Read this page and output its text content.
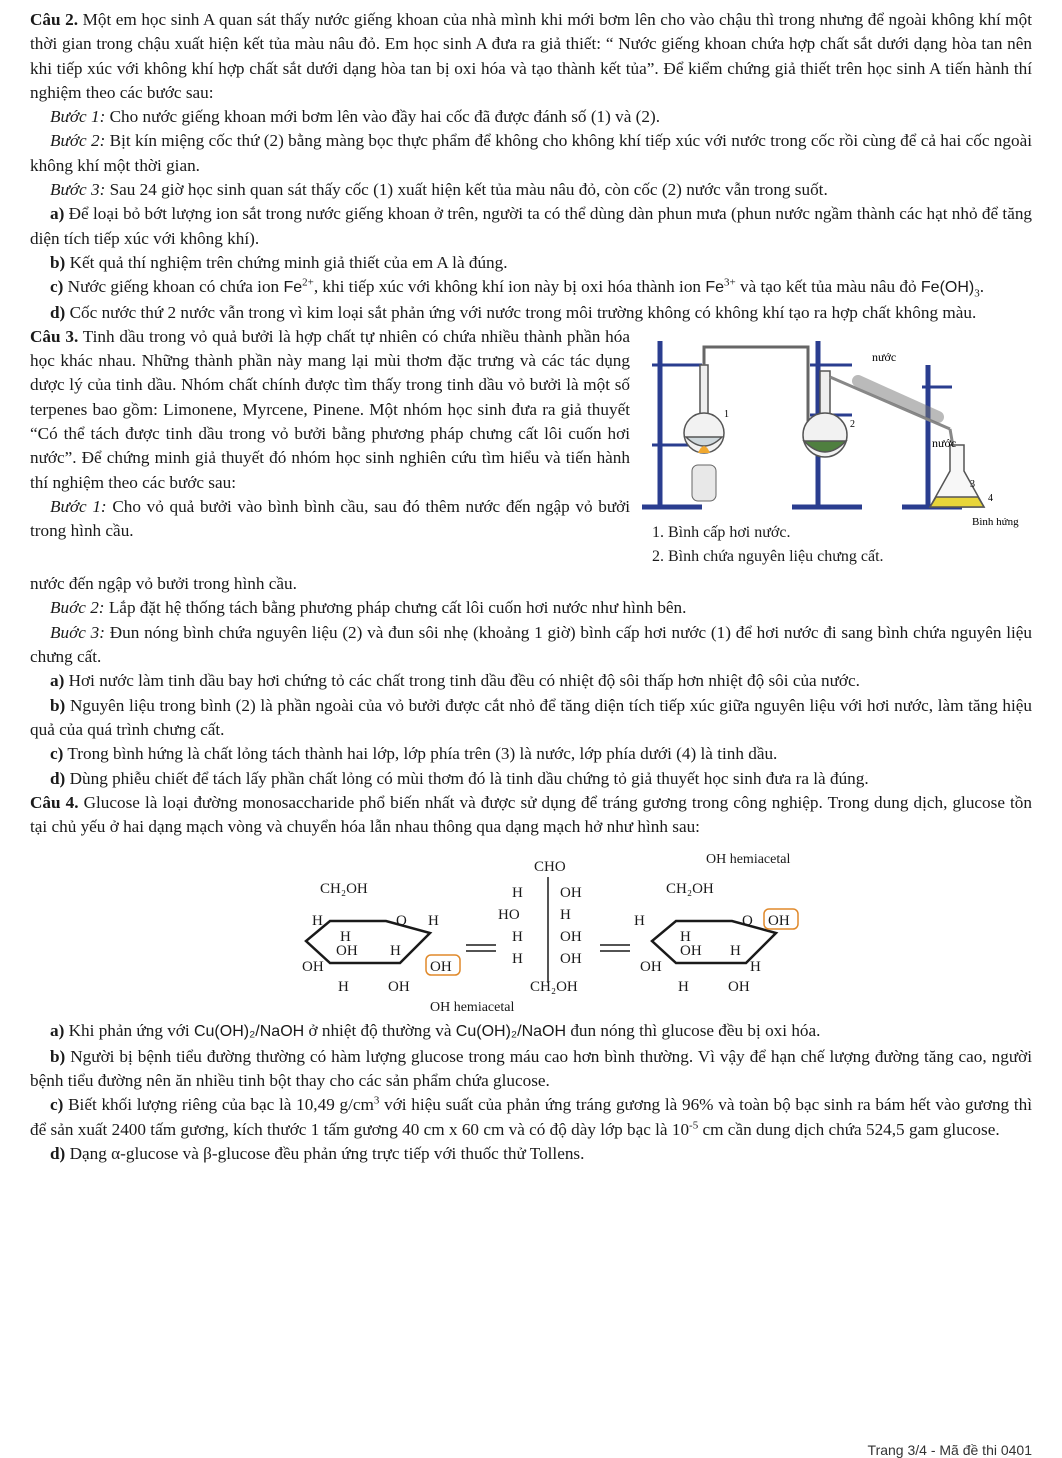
Câu 2. Một em học sinh A quan sát thấy nước giếng khoan của nhà mình khi mới bơm lên cho vào chậu thì trong nhưng để ngoài không khí một thời gian trong chậu xuất hiện kết tủa màu nâu đỏ. Em học sinh A đưa ra giả thiết: “ Nước giếng khoan chứa hợp chất sắt dưới dạng hòa tan nên khi tiếp xúc với không khí hợp chất sắt dưới dạng hòa tan bị oxi hóa và tạo thành kết tủa”. Để kiểm chứng giả thiết trên học sinh A tiến hành thí nghiệm theo các bước sau:

Bước 1: Cho nước giếng khoan mới bơm lên vào đầy hai cốc đã được đánh số (1) và (2).

Bước 2: Bịt kín miệng cốc thứ (2) bằng màng bọc thực phẩm để không cho không khí tiếp xúc với nước trong cốc rồi cùng để cả hai cốc ngoài không khí một thời gian.

Bước 3: Sau 24 giờ học sinh quan sát thấy cốc (1) xuất hiện kết tủa màu nâu đỏ, còn cốc (2) nước vẫn trong suốt.

a) Để loại bỏ bớt lượng ion sắt trong nước giếng khoan ở trên, người ta có thể dùng dàn phun mưa (phun nước ngầm thành các hạt nhỏ để tăng diện tích tiếp xúc với không khí).

b) Kết quả thí nghiệm trên chứng minh giả thiết của em A là đúng.

c) Nước giếng khoan có chứa ion $Fe^{2+}$, khi tiếp xúc với không khí ion này bị oxi hóa thành ion $Fe^{3+}$ và tạo kết tủa màu nâu đỏ $Fe(OH)_3$.

d) Cốc nước thứ 2 nước vẫn trong vì kim loại sắt phản ứng với nước trong môi trường không có không khí tạo ra hợp chất không màu.

Câu 3. Tinh dầu trong vỏ quả bưởi là hợp chất tự nhiên có chứa nhiều thành phần hóa học khác nhau. Những thành phần này mang lại mùi thơm đặc trưng và các tác dụng dược lý của tinh dầu. Nhóm chất chính được tìm thấy trong tinh dầu vỏ bưởi là một số terpenes bao gồm: Limonene, Myrcene, Pinene. Một nhóm học sinh đưa ra giả thuyết “Có thể tách được tinh dầu trong vỏ bưởi bằng phương pháp chưng cất lôi cuốn hơi nước”. Để chứng minh giả thuyết đó nhóm học sinh nghiên cứu tìm hiểu và tiến hành thí nghiệm theo các bước sau:

Bước 1: Cho vỏ quả bưởi vào bình bình cầu, sau đó thêm nước đến ngập vỏ bưởi trong hình cầu.

nước
nước
Bình hứng
1
2
3
4
1. Bình cấp hơi nước.
2. Bình chứa nguyên liệu chưng cất.

nước đến ngập vỏ bưởi trong hình cầu.

Buớc 2: Lắp đặt hệ thống tách bằng phương pháp chưng cất lôi cuốn hơi nước như hình bên.

Buớc 3: Đun nóng bình chứa nguyên liệu (2) và đun sôi nhẹ (khoảng 1 giờ) bình cấp hơi nước (1) để hơi nước đi sang bình chứa nguyên liệu chưng cất.

a) Hơi nước làm tinh dầu bay hơi chứng tỏ các chất trong tinh dầu đều có nhiệt độ sôi thấp hơn nhiệt độ sôi của nước.

b) Nguyên liệu trong bình (2) là phần ngoài của vỏ bưởi được cắt nhỏ để tăng diện tích tiếp xúc giữa nguyên liệu với hơi nước, làm tăng hiệu quả của quá trình chưng cất.

c) Trong bình hứng là chất lỏng tách thành hai lớp, lớp phía trên (3) là nước, lớp phía dưới (4) là tinh dầu.

d) Dùng phiễu chiết để tách lấy phần chất lỏng có mùi thơm đó là tinh dầu chứng tỏ giả thuyết học sinh đưa ra là đúng.

Câu 4. Glucose là loại đường monosaccharide phổ biến nhất và được sử dụng để tráng gương trong công nghiệp. Trong dung dịch, glucose tồn tại chủ yếu ở hai dạng mạch vòng và chuyển hóa lẫn nhau thông qua dạng mạch hở như hình sau:

CH₂OH
H
O
H
H
OH H
OH	OH
H	OH
CHO
H OH
HO	H
H OH
H OH
CH₂OH
OH hemiacetal
OH hemiacetal
CH₂OH
H	O OH
H
OH H
H
OH
H	OH

a) Khi phản ứng với Cu(OH)₂/NaOH ở nhiệt độ thường và Cu(OH)₂/NaOH đun nóng thì glucose đều bị oxi hóa.

b) Người bị bệnh tiểu đường thường có hàm lượng glucose trong máu cao hơn bình thường. Vì vậy để hạn chế lượng đường tăng cao, người bệnh tiểu đường nên ăn nhiều tinh bột thay cho các sản phẩm chứa glucose.

c) Biết khối lượng riêng của bạc là 10,49 $g/cm^3$ với hiệu suất của phản ứng tráng gương là 96% và toàn bộ bạc sinh ra bám hết vào gương thì để sản xuất 2400 tấm gương, kích thước 1 tấm gương 40 cm x 60 cm và có độ dày lớp bạc là $10^{-5}$ cm cần dung dịch chứa 524,5 gam glucose.

d) Dạng α-glucose và β-glucose đều phản ứng trực tiếp với thuốc thử Tollens.

Trang 3/4 - Mã đề thi 0401
